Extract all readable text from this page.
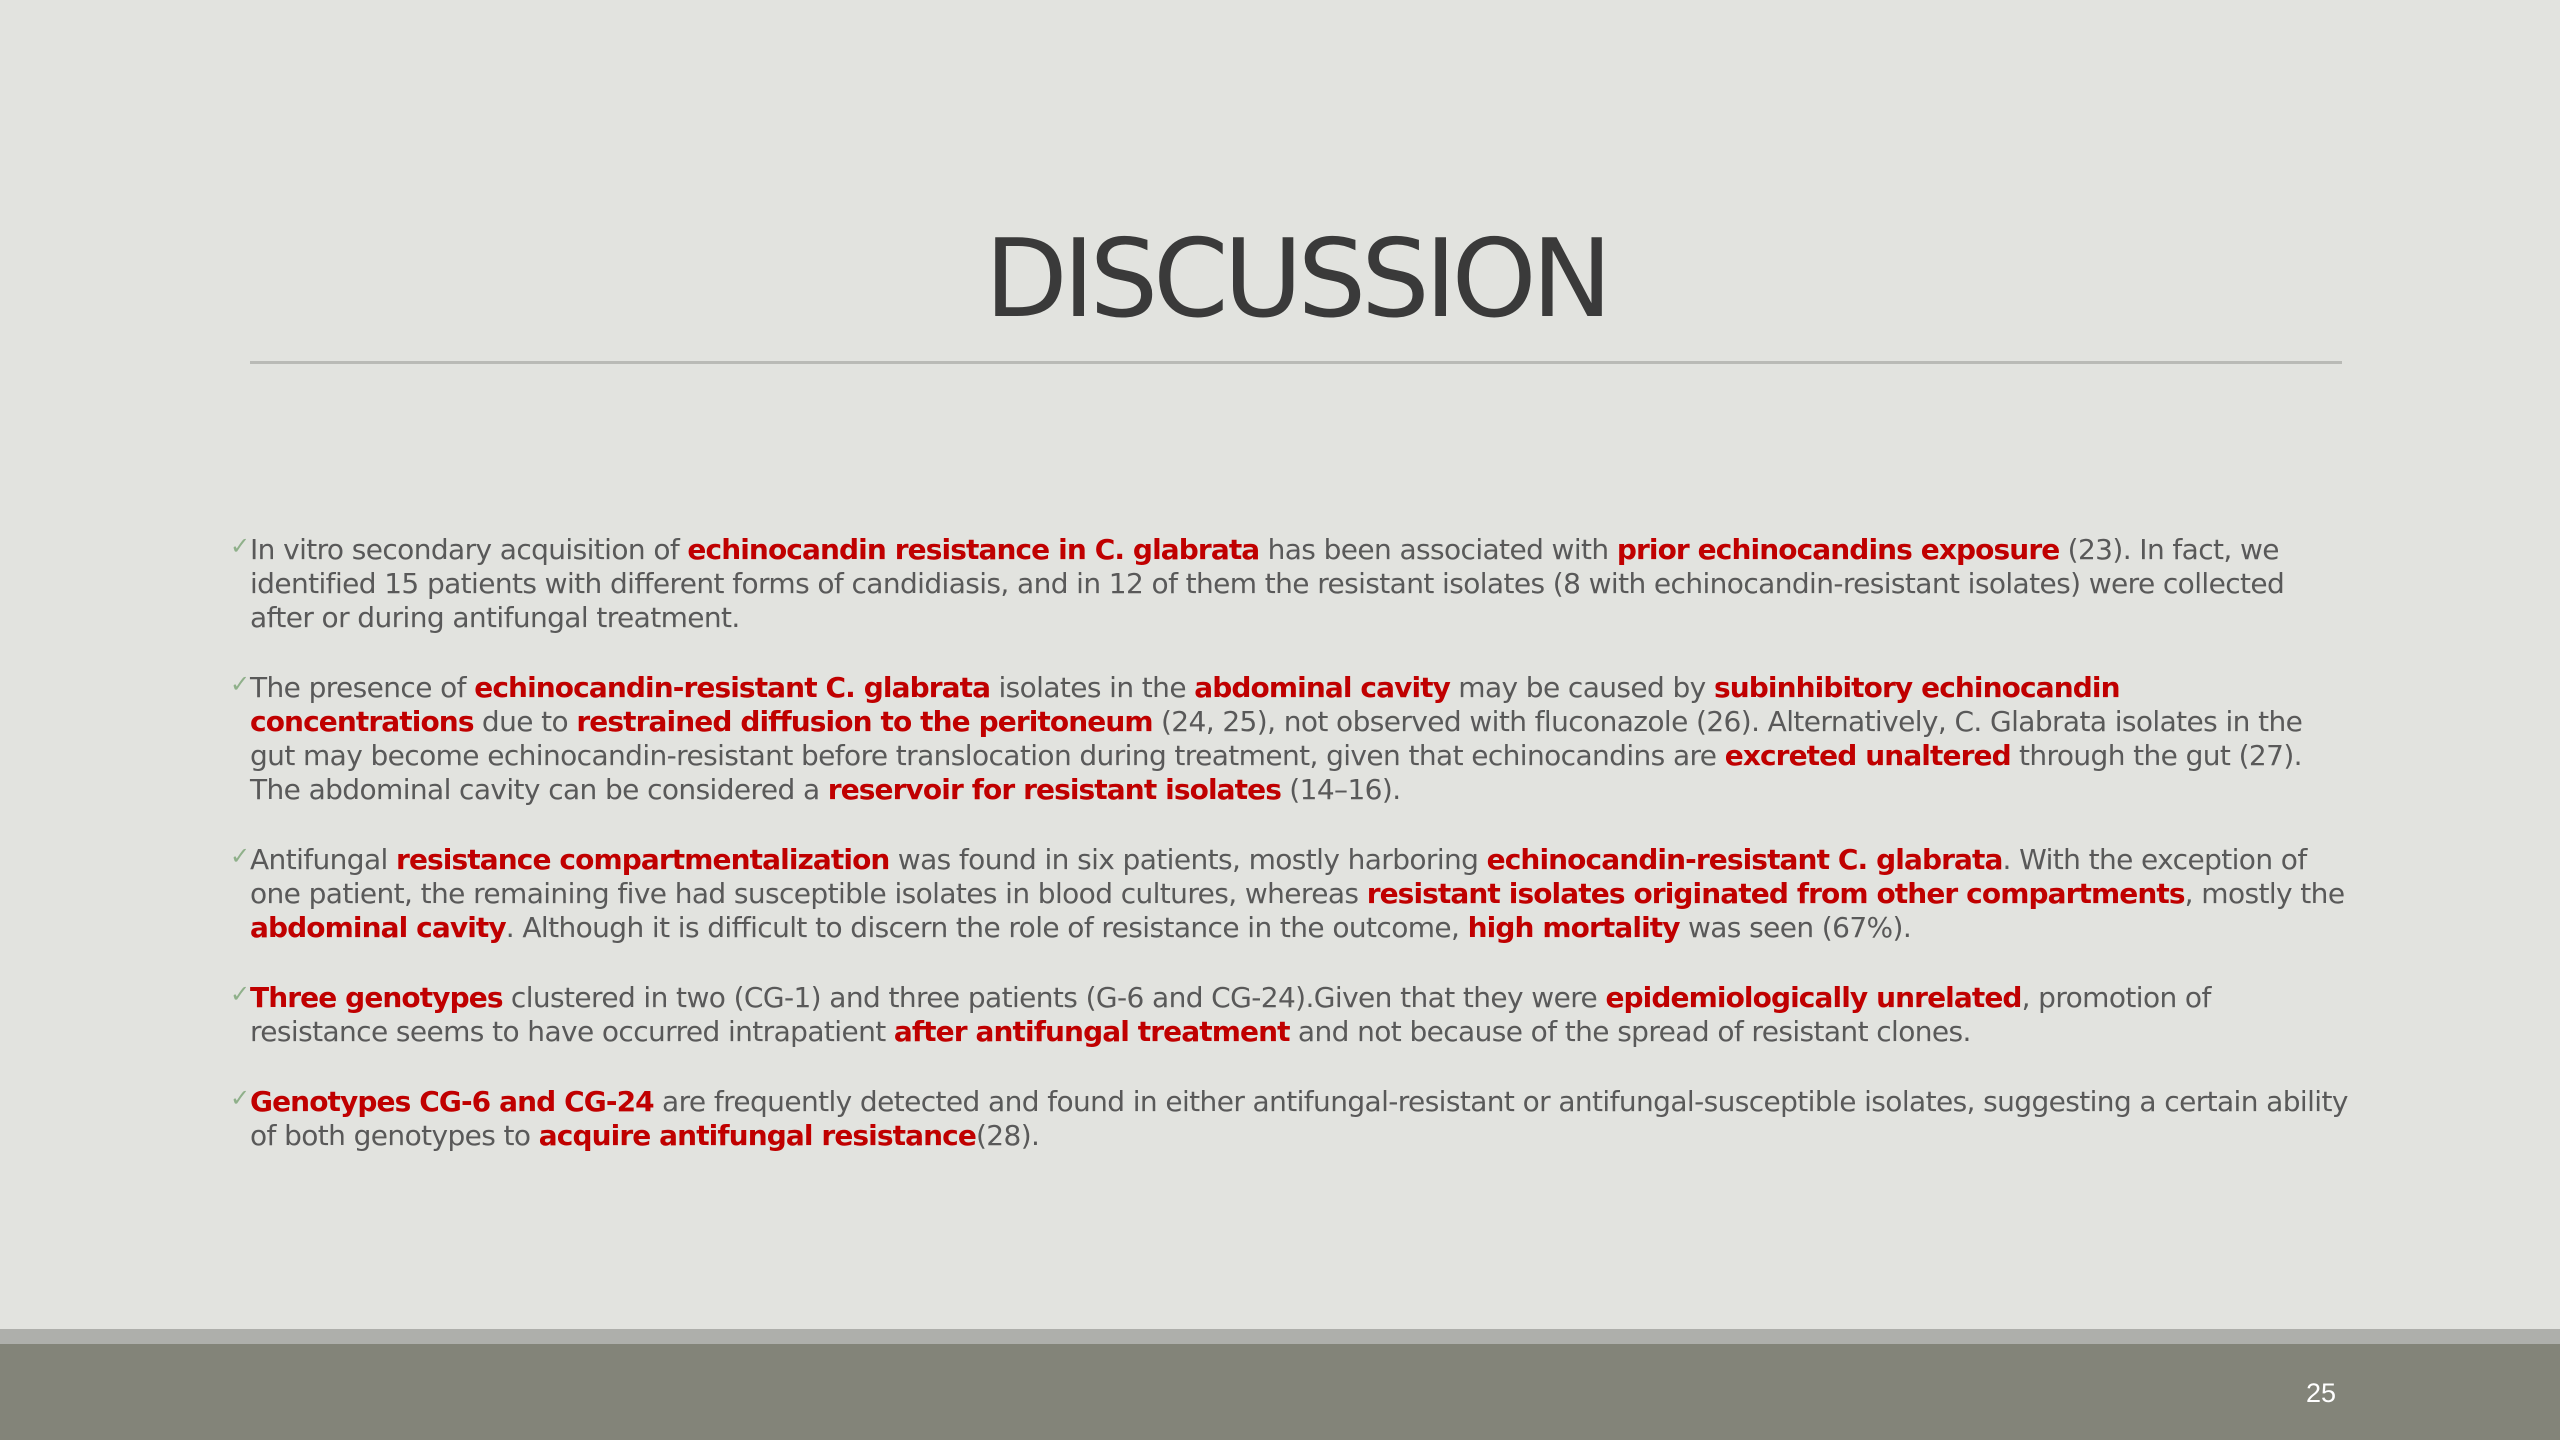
DISCUSSION
✓ In vitro secondary acquisition of echinocandin resistance in C. glabrata has been associated with prior echinocandins exposure (23). In fact, we identified 15 patients with different forms of candidiasis, and in 12 of them the resistant isolates (8 with echinocandin-resistant isolates) were collected after or during antifungal treatment.
✓ The presence of echinocandin-resistant C. glabrata isolates in the abdominal cavity may be caused by subinhibitory echinocandin concentrations due to restrained diffusion to the peritoneum (24, 25), not observed with fluconazole (26). Alternatively, C. Glabrata isolates in the gut may become echinocandin-resistant before translocation during treatment, given that echinocandins are excreted unaltered through the gut (27). The abdominal cavity can be considered a reservoir for resistant isolates (14–16).
✓ Antifungal resistance compartmentalization was found in six patients, mostly harboring echinocandin-resistant C. glabrata. With the exception of one patient, the remaining five had susceptible isolates in blood cultures, whereas resistant isolates originated from other compartments, mostly the abdominal cavity. Although it is difficult to discern the role of resistance in the outcome, high mortality was seen (67%).
✓ Three genotypes clustered in two (CG-1) and three patients (G-6 and CG-24).Given that they were epidemiologically unrelated, promotion of resistance seems to have occurred intrapatient after antifungal treatment and not because of the spread of resistant clones.
✓ Genotypes CG-6 and CG-24 are frequently detected and found in either antifungal-resistant or antifungal-susceptible isolates, suggesting a certain ability of both genotypes to acquire antifungal resistance(28).
25
